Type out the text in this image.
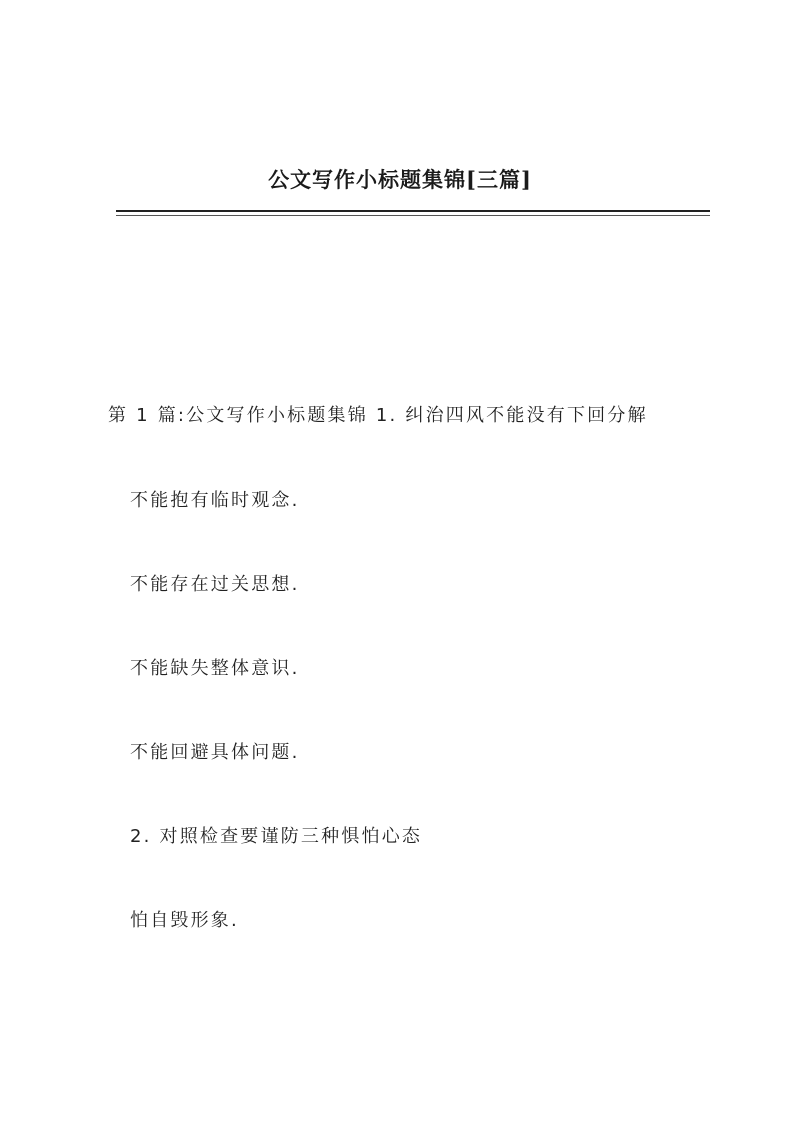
公文写作小标题集锦[三篇]
第 1 篇:公文写作小标题集锦 1. 纠治四风不能没有下回分解
不能抱有临时观念.
不能存在过关思想.
不能缺失整体意识.
不能回避具体问题.
2. 对照检查要谨防三种惧怕心态
怕自毁形象.
